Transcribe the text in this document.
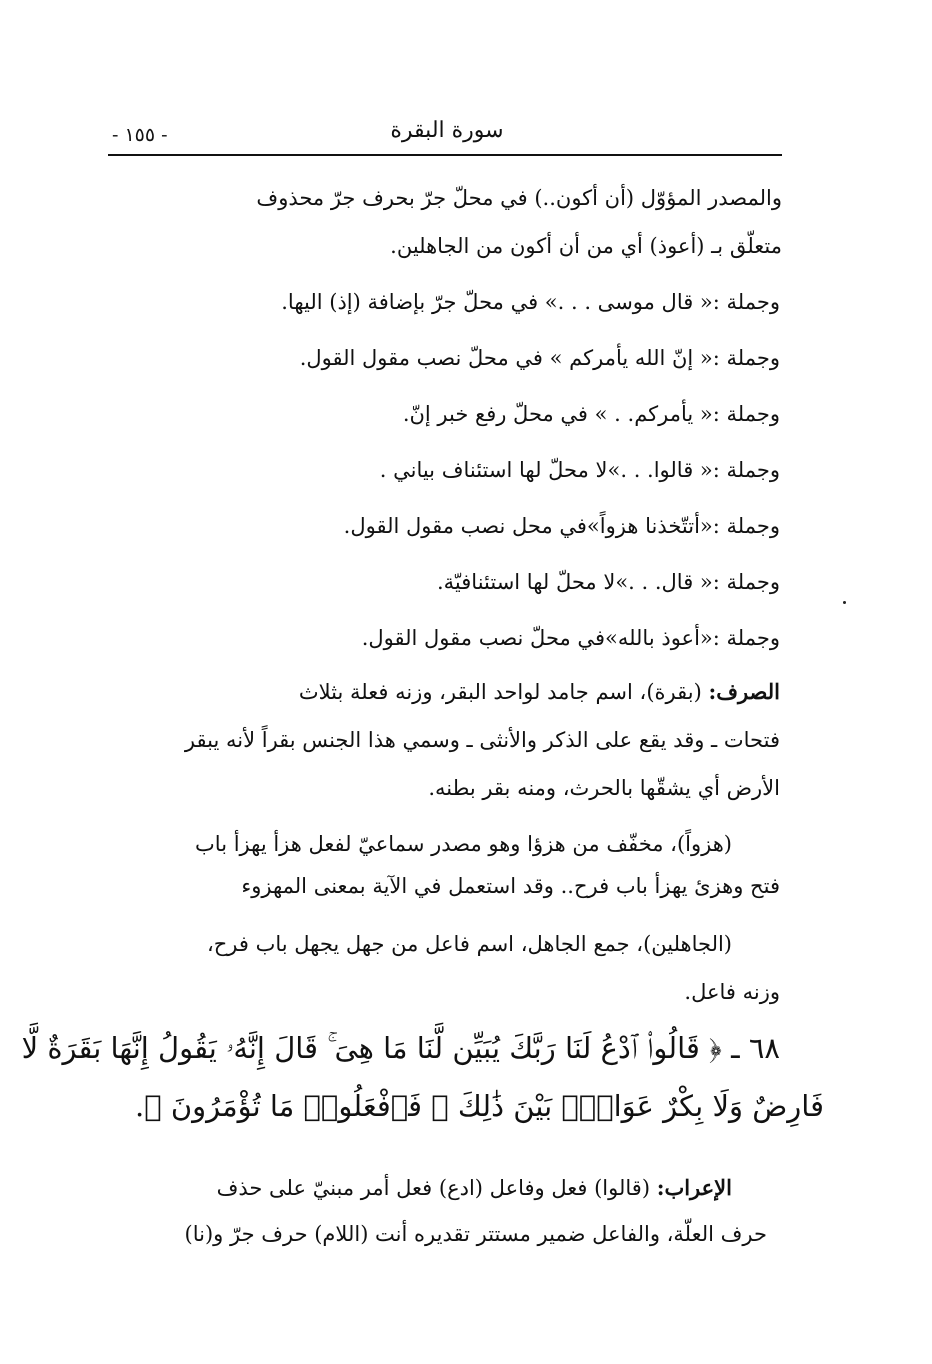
- ١٥٥ -	سورة البقرة
والمصدر المؤوّل (أن أكون..) في محلّ جرّ بحرف جرّ محذوف
متعلّق بـ (أعوذ) أي من أن أكون من الجاهلين.
وجملة :« قال موسى . . .» في محلّ جرّ بإضافة (إذ) اليها.
وجملة :« إنّ الله يأمركم » في محلّ نصب مقول القول.
وجملة :« يأمركم. . » في محلّ رفع خبر إنّ.
وجملة :« قالوا. . .»لا محلّ لها استئناف بياني .
وجملة :«أتتّخذنا هزواً»في محل نصب مقول القول.
وجملة :« قال. . .»لا محلّ لها استئنافيّة.
وجملة :«أعوذ بالله»في محلّ نصب مقول القول.
الصرف: (بقرة)، اسم جامد لواحد البقر، وزنه فعلة بثلاث
فتحات ـ وقد يقع على الذكر والأنثى ـ وسمي هذا الجنس بقراً لأنه يبقر
الأرض أي يشقّها بالحرث، ومنه بقر بطنه.
(هزواً)، مخفّف من هزؤا وهو مصدر سماعيّ لفعل هزأ يهزأ باب
فتح وهزئ يهزأ باب فرح.. وقد استعمل في الآية بمعنى المهزوء
(الجاهلين)، جمع الجاهل، اسم فاعل من جهل يجهل باب فرح،
وزنه فاعل.
٦٨ ـ ﴿ قَالُوا۟ ٱدْعُ لَنَا رَبَّكَ يُبَيِّن لَّنَا مَا هِىَ ۚ قَالَ إِنَّهُۥ يَقُولُ إِنَّهَا بَقَرَةٌ لَّا
فَارِضٌ وَلَا بِكْرٌ عَوَانٌۢ بَيْنَ ذَٰلِكَ ۖ فَٱفْعَلُوا۟ مَا تُؤْمَرُونَ ﴾.
الإعراب: (قالوا) فعل وفاعل (ادع) فعل أمر مبنيّ على حذف
حرف العلّة، والفاعل ضمير مستتر تقديره أنت (اللام) حرف جرّ و(نا)
